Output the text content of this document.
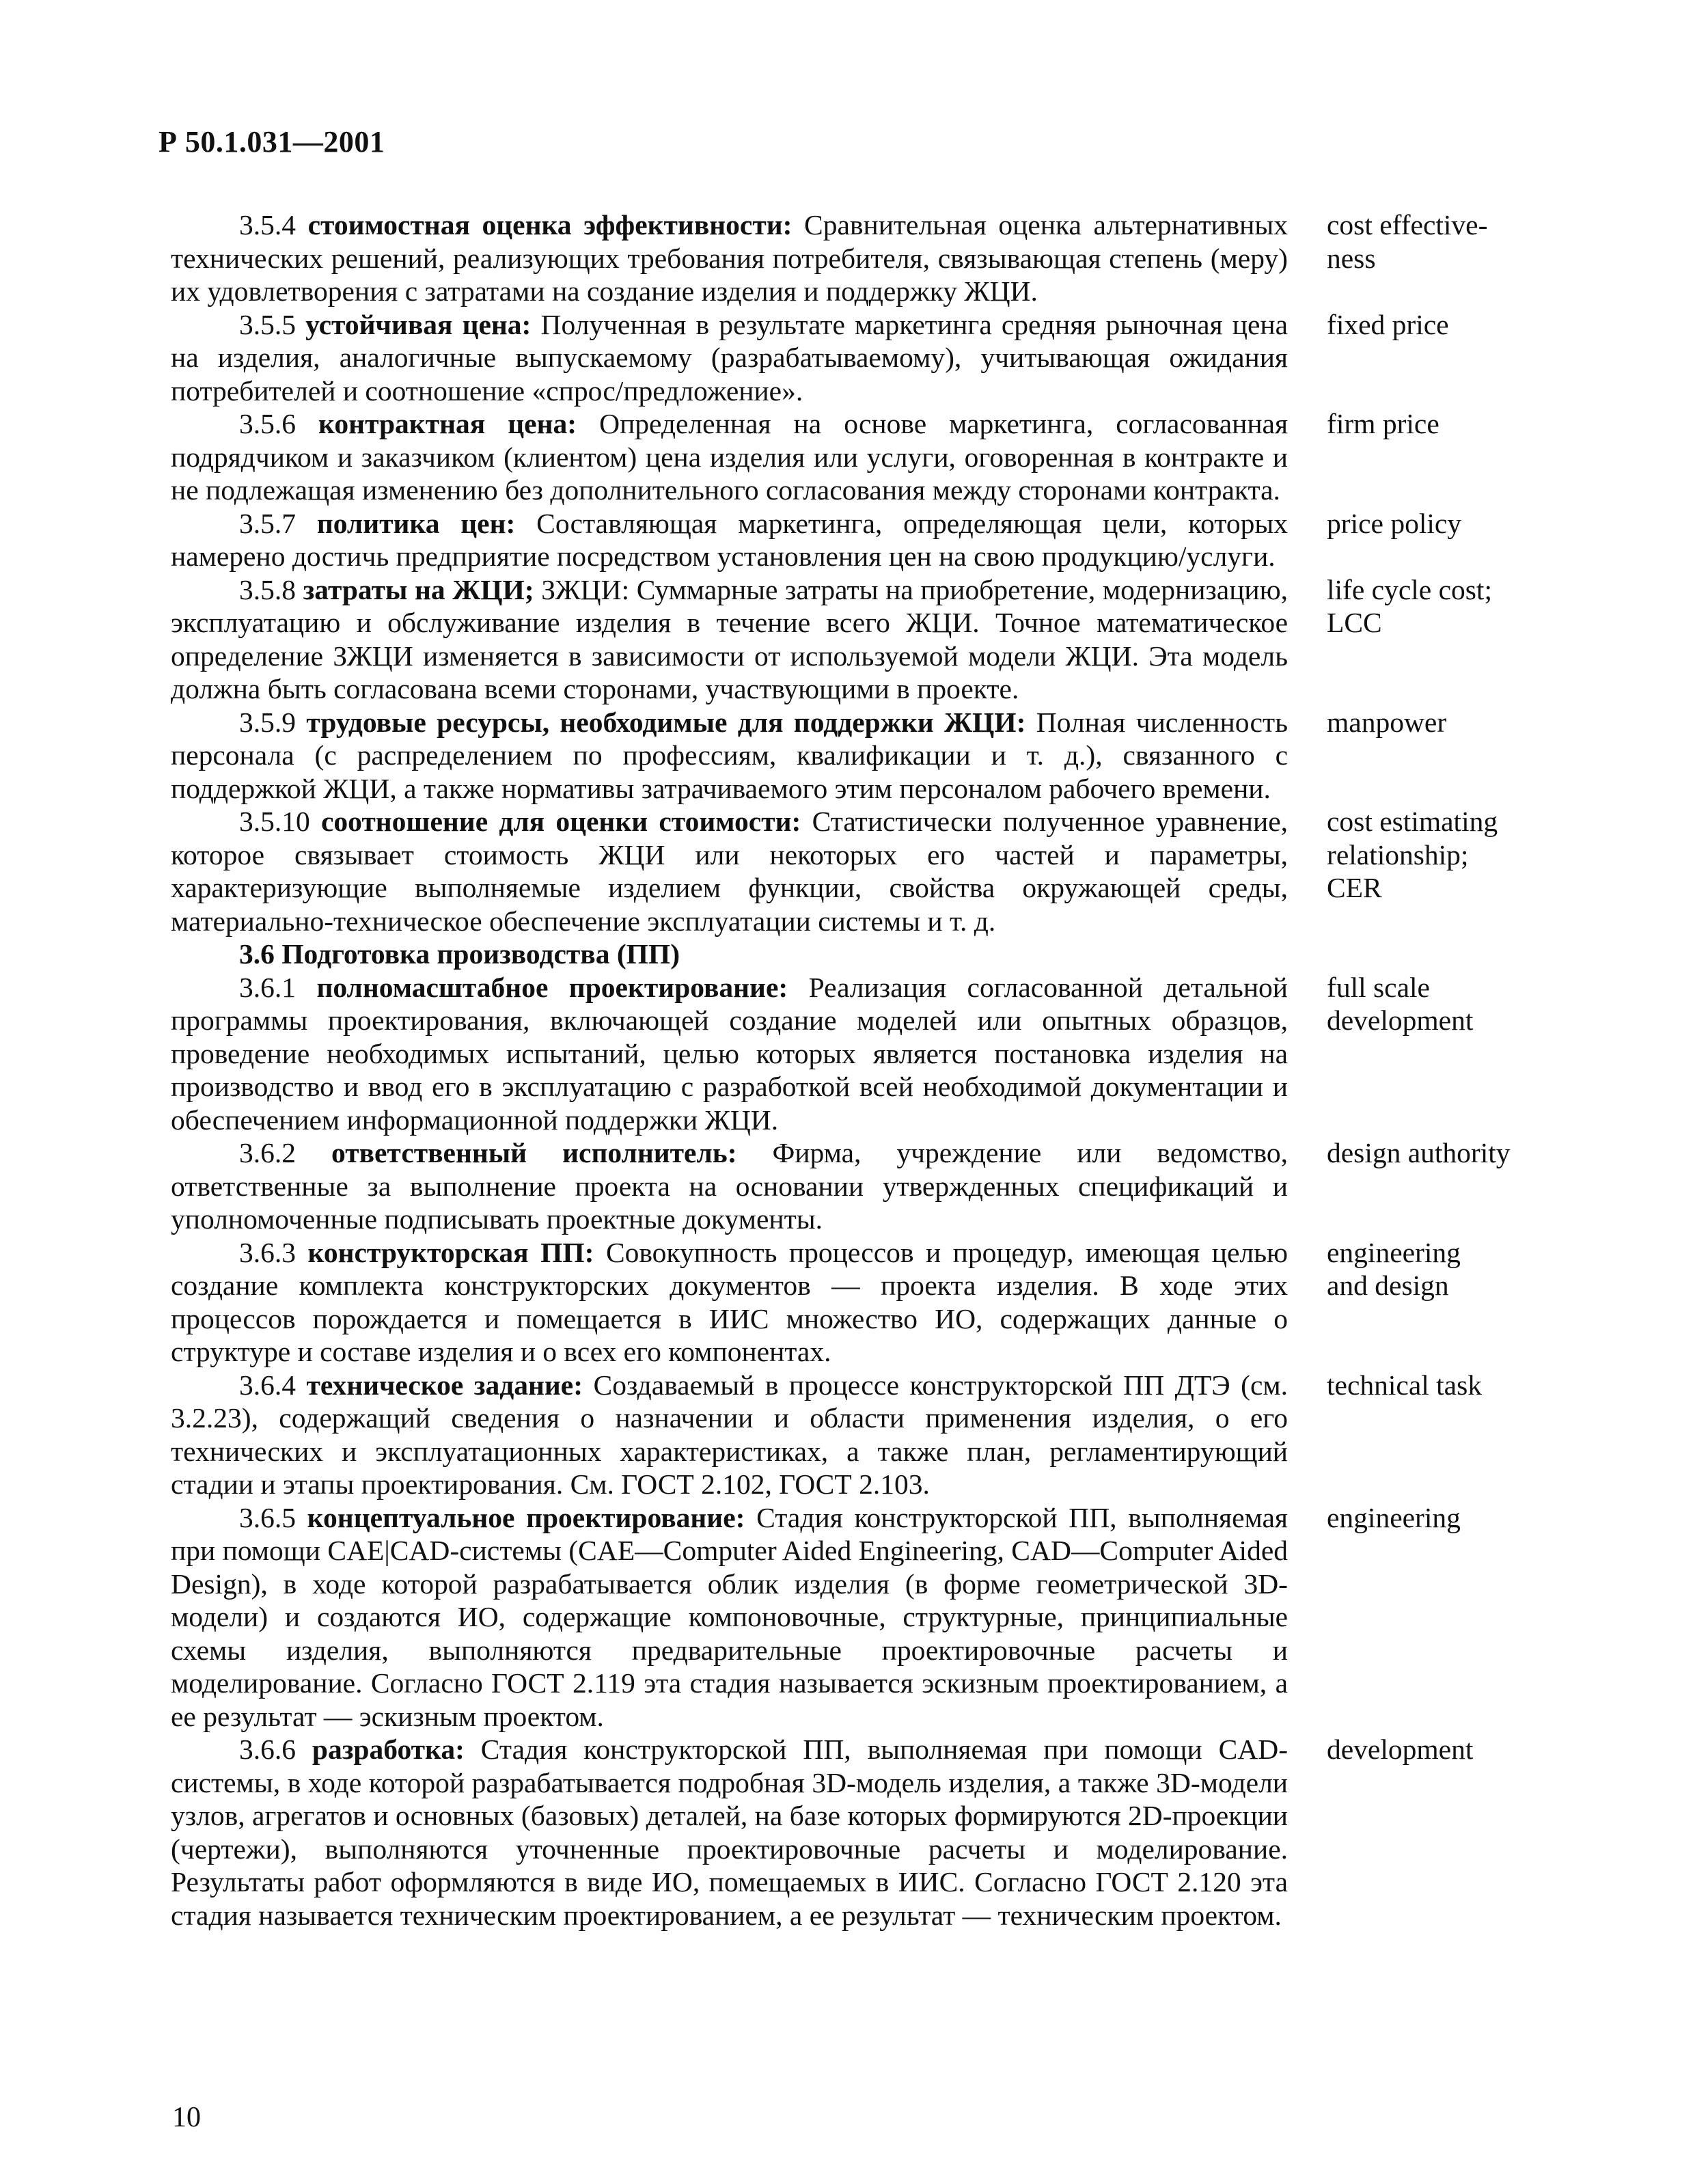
Р 50.1.031—2001
3.5.4 стоимостная оценка эффективности: Сравнительная оценка альтернативных технических решений, реализующих требования потребителя, связывающая степень (меру) их удовлетворения с затратами на создание изделия и поддержку ЖЦИ.
cost effective-
ness
3.5.5 устойчивая цена: Полученная в результате маркетинга средняя рыночная цена на изделия, аналогичные выпускаемому (разрабатываемому), учитывающая ожидания потребителей и соотношение «спрос/предложение».
fixed price
3.5.6 контрактная цена: Определенная на основе маркетинга, согласованная подрядчиком и заказчиком (клиентом) цена изделия или услуги, оговоренная в контракте и не подлежащая изменению без дополнительного согласования между сторонами контракта.
firm price
3.5.7 политика цен: Составляющая маркетинга, определяющая цели, которых намерено достичь предприятие посредством установления цен на свою продукцию/услуги.
price policy
3.5.8 затраты на ЖЦИ; ЗЖЦИ: Суммарные затраты на приобретение, модернизацию, эксплуатацию и обслуживание изделия в течение всего ЖЦИ. Точное математическое определение ЗЖЦИ изменяется в зависимости от используемой модели ЖЦИ. Эта модель должна быть согласована всеми сторонами, участвующими в проекте.
life cycle cost;
LCC
3.5.9 трудовые ресурсы, необходимые для поддержки ЖЦИ: Полная численность персонала (с распределением по профессиям, квалификации и т. д.), связанного с поддержкой ЖЦИ, а также нормативы затрачиваемого этим персоналом рабочего времени.
manpower
3.5.10 соотношение для оценки стоимости: Статистически полученное уравнение, которое связывает стоимость ЖЦИ или некоторых его частей и параметры, характеризующие выполняемые изделием функции, свойства окружающей среды, материально-техническое обеспечение эксплуатации системы и т. д.
cost estimating
relationship;
CER
3.6 Подготовка производства (ПП)
3.6.1 полномасштабное проектирование: Реализация согласованной детальной программы проектирования, включающей создание моделей или опытных образцов, проведение необходимых испытаний, целью которых является постановка изделия на производство и ввод его в эксплуатацию с разработкой всей необходимой документации и обеспечением информационной поддержки ЖЦИ.
full scale
development
3.6.2 ответственный исполнитель: Фирма, учреждение или ведомство, ответственные за выполнение проекта на основании утвержденных спецификаций и уполномоченные подписывать проектные документы.
design authority
3.6.3 конструкторская ПП: Совокупность процессов и процедур, имеющая целью создание комплекта конструкторских документов — проекта изделия. В ходе этих процессов порождается и помещается в ИИС множество ИО, содержащих данные о структуре и составе изделия и о всех его компонентах.
engineering
and design
3.6.4 техническое задание: Создаваемый в процессе конструкторской ПП ДТЭ (см. 3.2.23), содержащий сведения о назначении и области применения изделия, о его технических и эксплуатационных характеристиках, а также план, регламентирующий стадии и этапы проектирования. См. ГОСТ 2.102, ГОСТ 2.103.
technical task
3.6.5 концептуальное проектирование: Стадия конструкторской ПП, выполняемая при помощи CAE|CAD-системы (CAE—Computer Aided Engineering, CAD—Computer Aided Design), в ходе которой разрабатывается облик изделия (в форме геометрической 3D-модели) и создаются ИО, содержащие компоновочные, структурные, принципиальные схемы изделия, выполняются предварительные проектировочные расчеты и моделирование. Согласно ГОСТ 2.119 эта стадия называется эскизным проектированием, а ее результат — эскизным проектом.
engineering
3.6.6 разработка: Стадия конструкторской ПП, выполняемая при помощи CAD-системы, в ходе которой разрабатывается подробная 3D-модель изделия, а также 3D-модели узлов, агрегатов и основных (базовых) деталей, на базе которых формируются 2D-проекции (чертежи), выполняются уточненные проектировочные расчеты и моделирование. Результаты работ оформляются в виде ИО, помещаемых в ИИС. Согласно ГОСТ 2.120 эта стадия называется техническим проектированием, а ее результат — техническим проектом.
development
10
